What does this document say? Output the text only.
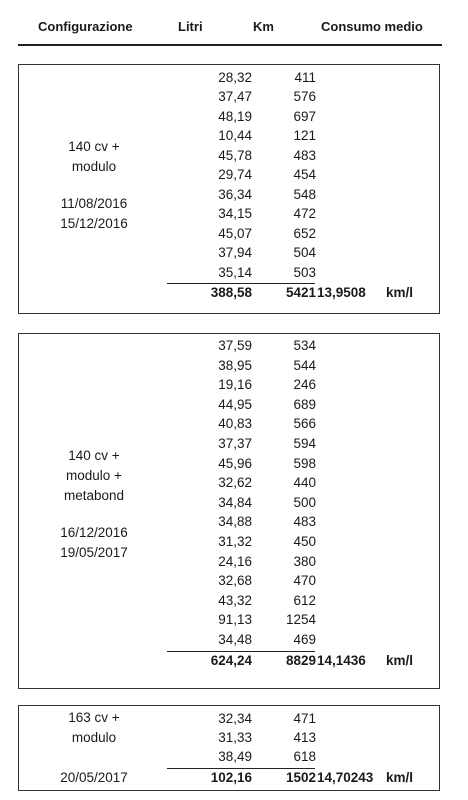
Configurazione	Litri	Km	Consumo medio
140 cv +
modulo
11/08/2016
15/12/2016
28,32	411
37,47	576
48,19	697
10,44	121
45,78	483
29,74	454
36,34	548
34,15	472
45,07	652
37,94	504
35,14	503
388,58	5421 13,9508 km/l
140 cv +
modulo +
metabond
16/12/2016
19/05/2017
37,59	534
38,95	544
19,16	246
44,95	689
40,83	566
37,37	594
45,96	598
32,62	440
34,84	500
34,88	483
31,32	450
24,16	380
32,68	470
43,32	612
91,13	1254
34,48	469
624,24	8829 14,1436 km/l
163 cv +
modulo
20/05/2017
32,34	471
31,33	413
38,49	618
102,16	1502 14,70243 km/l
